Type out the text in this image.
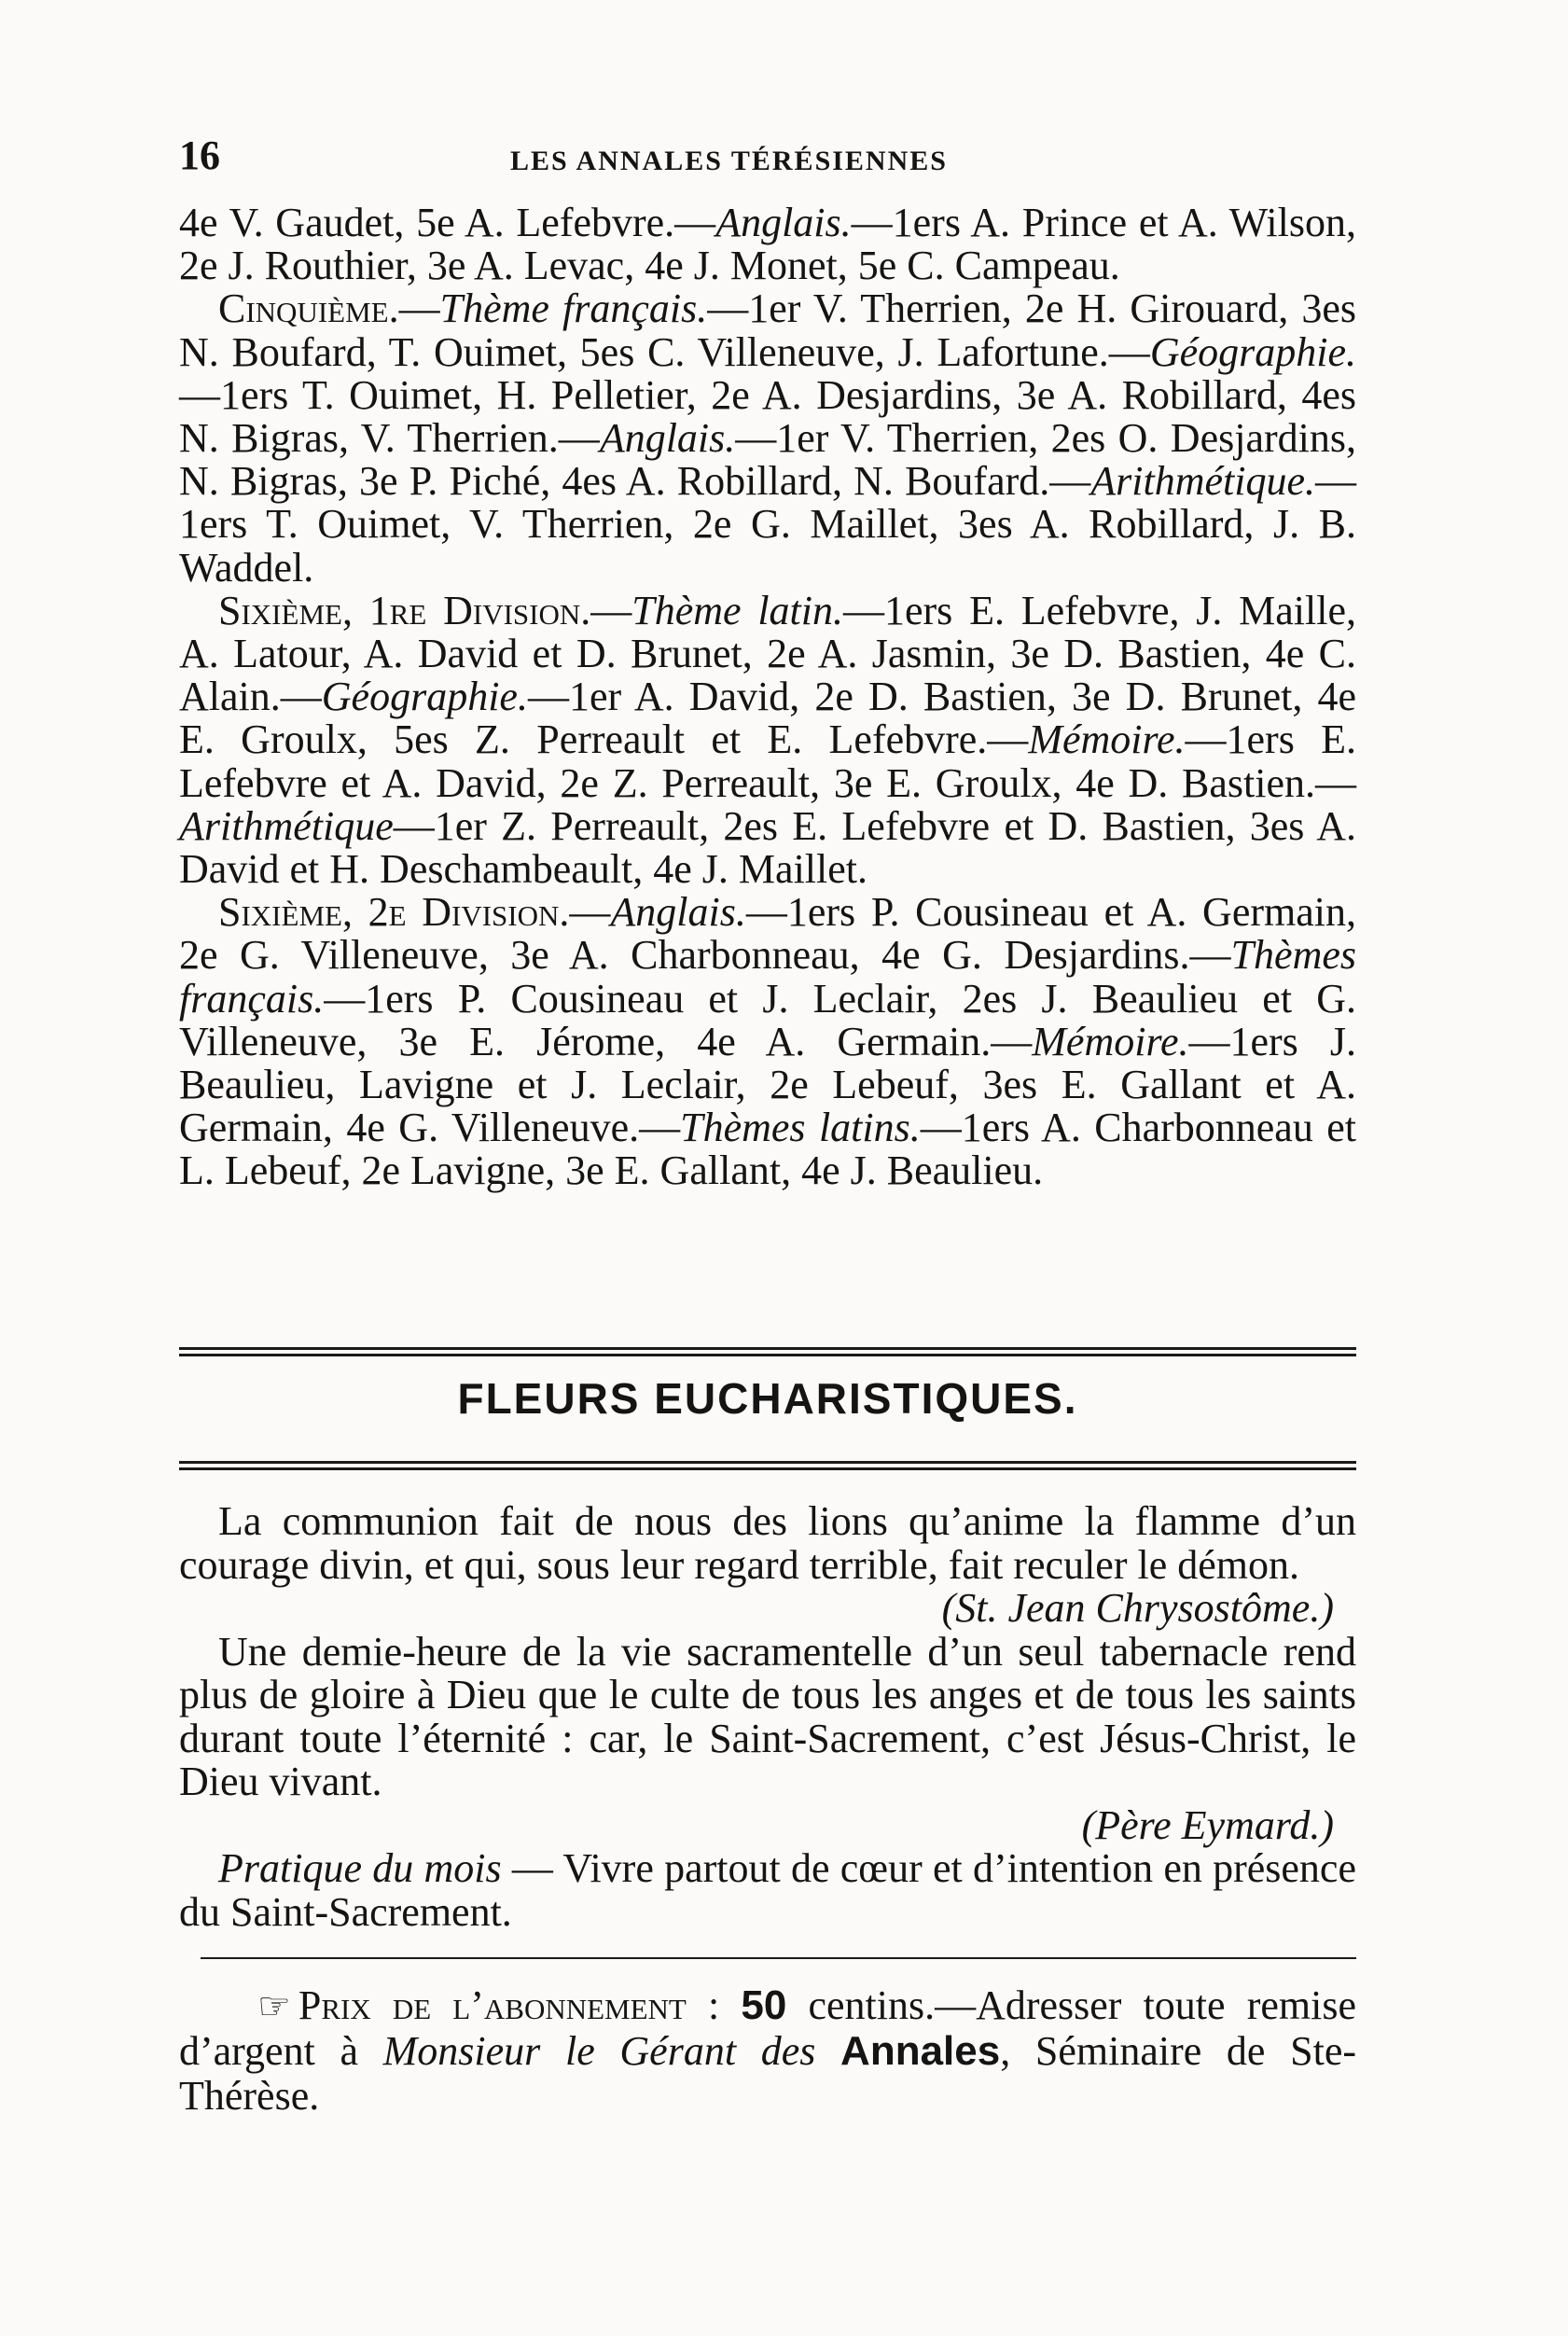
16	LES ANNALES TÉRÉSIENNES

4e V. Gaudet, 5e A. Lefebvre.—Anglais.—1ers A. Prince et A. Wilson, 2e J. Routhier, 3e A. Levac, 4e J. Monet, 5e C. Campeau.

Cinquième.—Thème français.—1er V. Therrien, 2e H. Girouard, 3es N. Boufard, T. Ouimet, 5es C. Villeneuve, J. Lafortune.—Géographie.—1ers T. Ouimet, H. Pelletier, 2e A. Desjardins, 3e A. Robillard, 4es N. Bigras, V. Therrien.—Anglais.—1er V. Therrien, 2es O. Desjardins, N. Bigras, 3e P. Piché, 4es A. Robillard, N. Boufard.—Arithmétique.—1ers T. Ouimet, V. Therrien, 2e G. Maillet, 3es A. Robillard, J. B. Waddel.

Sixième, 1re Division.—Thème latin.—1ers E. Lefebvre, J. Maille, A. Latour, A. David et D. Brunet, 2e A. Jasmin, 3e D. Bastien, 4e C. Alain.—Géographie.—1er A. David, 2e D. Bastien, 3e D. Brunet, 4e E. Groulx, 5es Z. Perreault et E. Lefebvre.—Mémoire.—1ers E. Lefebvre et A. David, 2e Z. Perreault, 3e E. Groulx, 4e D. Bastien.—Arithmétique—1er Z. Perreault, 2es E. Lefebvre et D. Bastien, 3es A. David et H. Deschambeault, 4e J. Maillet.

Sixième, 2e Division.—Anglais.—1ers P. Cousineau et A. Germain, 2e G. Villeneuve, 3e A. Charbonneau, 4e G. Desjardins.—Thèmes français.—1ers P. Cousineau et J. Leclair, 2es J. Beaulieu et G. Villeneuve, 3e E. Jérome, 4e A. Germain.—Mémoire.—1ers J. Beaulieu, Lavigne et J. Leclair, 2e Lebeuf, 3es E. Gallant et A. Germain, 4e G. Villeneuve.—Thèmes latins.—1ers A. Charbonneau et L. Lebeuf, 2e Lavigne, 3e E. Gallant, 4e J. Beaulieu.

FLEURS EUCHARISTIQUES.

La communion fait de nous des lions qu’anime la flamme d’un courage divin, et qui, sous leur regard terrible, fait reculer le démon.

(St. Jean Chrysostôme.)

Une demie-heure de la vie sacramentelle d’un seul tabernacle rend plus de gloire à Dieu que le culte de tous les anges et de tous les saints durant toute l’éternité : car, le Saint-Sacrement, c’est Jésus-Christ, le Dieu vivant.

(Père Eymard.)

Pratique du mois — Vivre partout de cœur et d’intention en présence du Saint-Sacrement.

☞ Prix de l’abonnement : 50 centins.—Adresser toute remise d’argent à Monsieur le Gérant des Annales, Séminaire de Ste-Thérèse.
